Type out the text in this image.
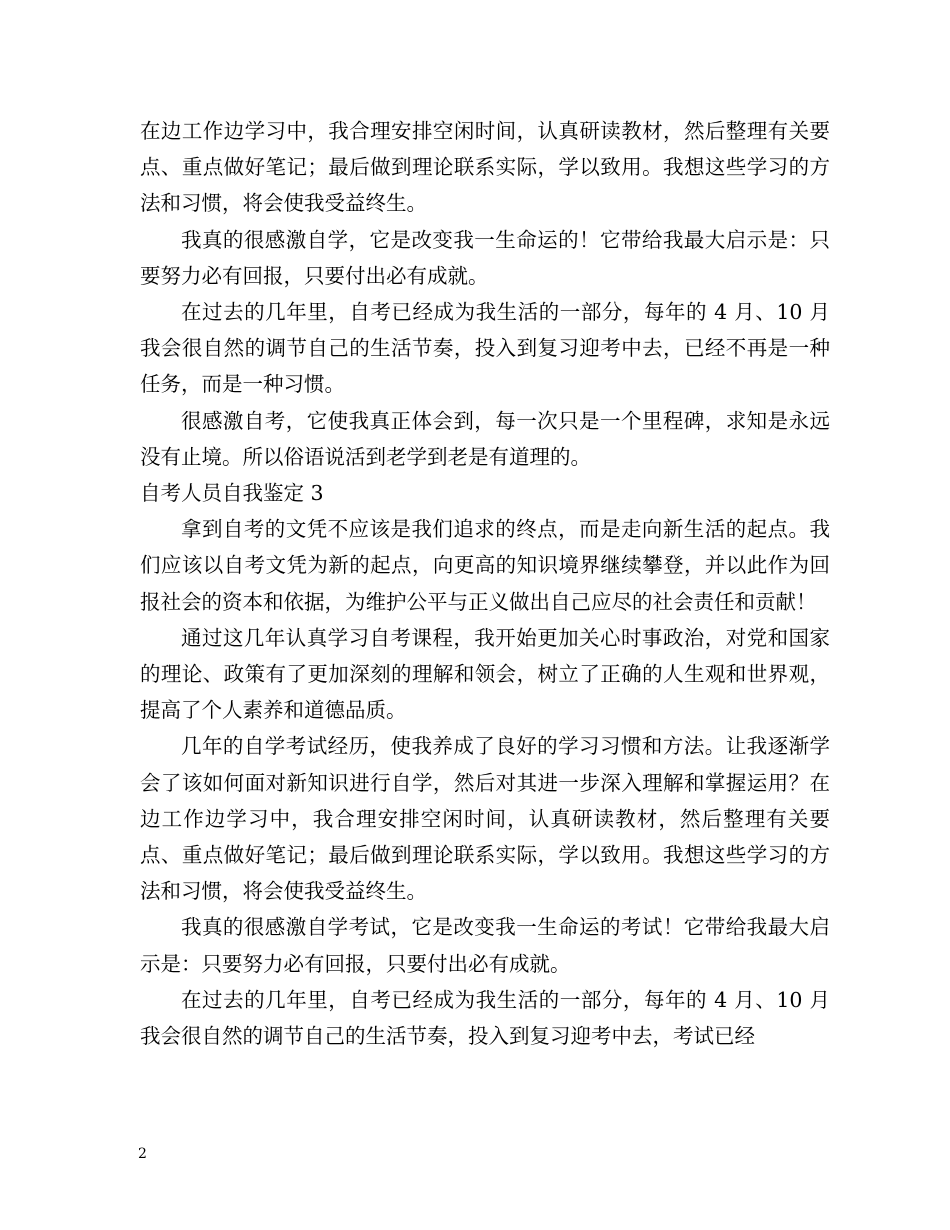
在边工作边学习中，我合理安排空闲时间，认真研读教材，然后整理有关要点、重点做好笔记；最后做到理论联系实际，学以致用。我想这些学习的方法和习惯，将会使我受益终生。

我真的很感激自学，它是改变我一生命运的！它带给我最大启示是：只要努力必有回报，只要付出必有成就。

在过去的几年里，自考已经成为我生活的一部分，每年的 4 月、10 月我会很自然的调节自己的生活节奏，投入到复习迎考中去，已经不再是一种任务，而是一种习惯。

很感激自考，它使我真正体会到，每一次只是一个里程碑，求知是永远没有止境。所以俗语说活到老学到老是有道理的。

自考人员自我鉴定 3

拿到自考的文凭不应该是我们追求的终点，而是走向新生活的起点。我们应该以自考文凭为新的起点，向更高的知识境界继续攀登，并以此作为回报社会的资本和依据，为维护公平与正义做出自己应尽的社会责任和贡献！

通过这几年认真学习自考课程，我开始更加关心时事政治，对党和国家的理论、政策有了更加深刻的理解和领会，树立了正确的人生观和世界观，提高了个人素养和道德品质。

几年的自学考试经历，使我养成了良好的学习习惯和方法。让我逐渐学会了该如何面对新知识进行自学，然后对其进一步深入理解和掌握运用？在边工作边学习中，我合理安排空闲时间，认真研读教材，然后整理有关要点、重点做好笔记；最后做到理论联系实际，学以致用。我想这些学习的方法和习惯，将会使我受益终生。

我真的很感激自学考试，它是改变我一生命运的考试！它带给我最大启示是：只要努力必有回报，只要付出必有成就。

在过去的几年里，自考已经成为我生活的一部分，每年的 4 月、10 月我会很自然的调节自己的生活节奏，投入到复习迎考中去，考试已经

2
